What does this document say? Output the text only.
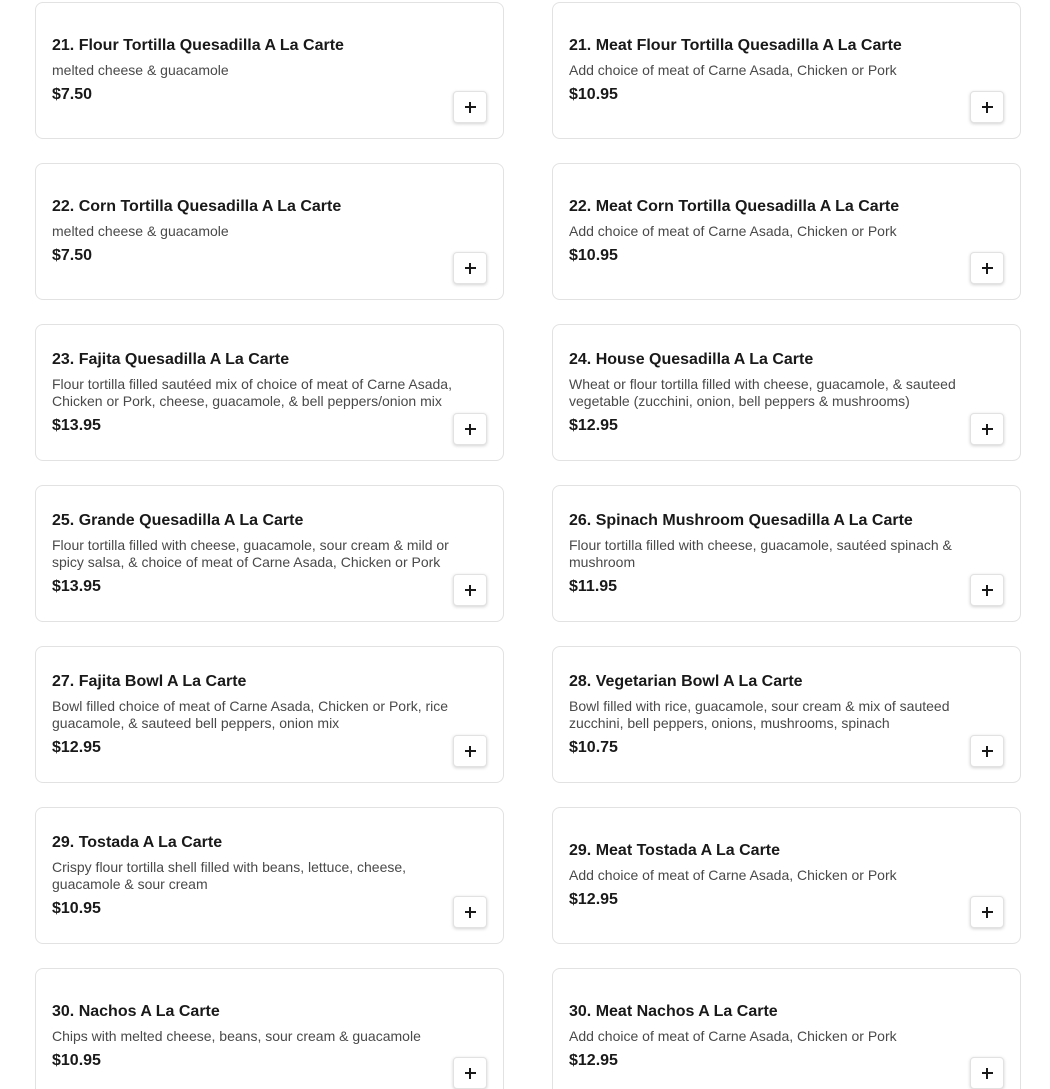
21. Flour Tortilla Quesadilla A La Carte
melted cheese & guacamole
$7.50
21. Meat Flour Tortilla Quesadilla A La Carte
Add choice of meat of Carne Asada, Chicken or Pork
$10.95
22. Corn Tortilla Quesadilla A La Carte
melted cheese & guacamole
$7.50
22. Meat Corn Tortilla Quesadilla A La Carte
Add choice of meat of Carne Asada, Chicken or Pork
$10.95
23. Fajita Quesadilla A La Carte
Flour tortilla filled sautéed mix of choice of meat of Carne Asada, Chicken or Pork, cheese, guacamole, & bell peppers/onion mix
$13.95
24. House Quesadilla A La Carte
Wheat or flour tortilla filled with cheese, guacamole, & sauteed vegetable (zucchini, onion, bell peppers & mushrooms)
$12.95
25. Grande Quesadilla A La Carte
Flour tortilla filled with cheese, guacamole, sour cream & mild or spicy salsa, & choice of meat of Carne Asada, Chicken or Pork
$13.95
26. Spinach Mushroom Quesadilla A La Carte
Flour tortilla filled with cheese, guacamole, sautéed spinach & mushroom
$11.95
27. Fajita Bowl A La Carte
Bowl filled choice of meat of Carne Asada, Chicken or Pork, rice guacamole, & sauteed bell peppers, onion mix
$12.95
28. Vegetarian Bowl A La Carte
Bowl filled with rice, guacamole, sour cream & mix of sauteed zucchini, bell peppers, onions, mushrooms, spinach
$10.75
29. Tostada A La Carte
Crispy flour tortilla shell filled with beans, lettuce, cheese, guacamole & sour cream
$10.95
29. Meat Tostada A La Carte
Add choice of meat of Carne Asada, Chicken or Pork
$12.95
30. Nachos A La Carte
Chips with melted cheese, beans, sour cream & guacamole
$10.95
30. Meat Nachos A La Carte
Add choice of meat of Carne Asada, Chicken or Pork
$12.95
